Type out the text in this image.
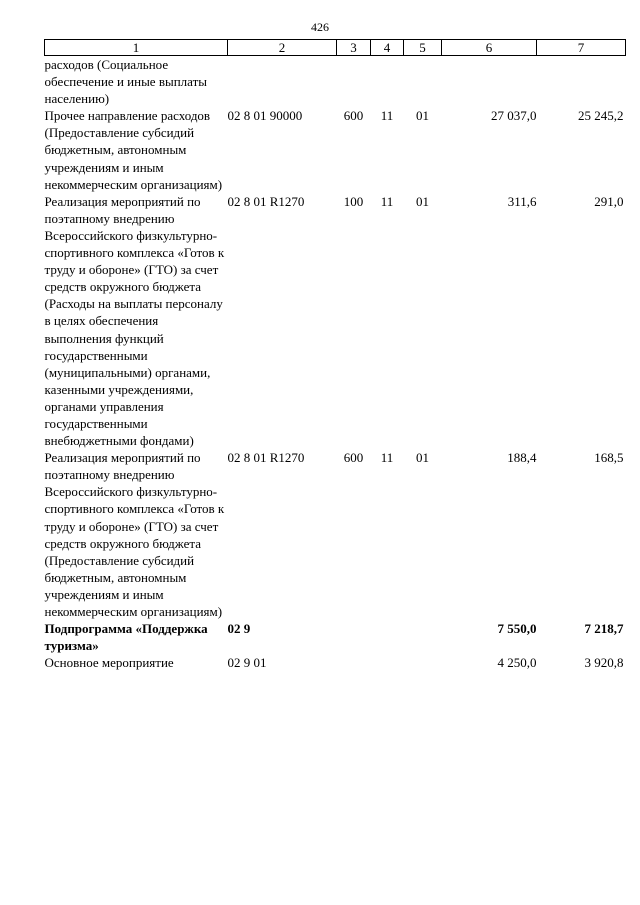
426
1	2	3	4	5	6	7
расходов (Социальное обеспечение и иные выплаты населению)						
Прочее направление расходов (Предоставление субсидий бюджетным, автономным учреждениям и иным некоммерческим организациям)	02 8 01 90000	600	11	01	27 037,0	25 245,2
Реализация мероприятий по поэтапному внедрению Всероссийского физкультурно-спортивного комплекса «Готов к труду и обороне» (ГТО) за счет средств окружного бюджета (Расходы на выплаты персоналу в целях обеспечения выполнения функций государственными (муниципальными) органами, казенными учреждениями, органами управления государственными внебюджетными фондами)	02 8 01 R1270	100	11	01	311,6	291,0
Реализация мероприятий по поэтапному внедрению Всероссийского физкультурно-спортивного комплекса «Готов к труду и обороне» (ГТО) за счет средств окружного бюджета (Предоставление субсидий бюджетным, автономным учреждениям и иным некоммерческим организациям)	02 8 01 R1270	600	11	01	188,4	168,5
Подпрограмма «Поддержка туризма»	02 9				7 550,0	7 218,7
Основное мероприятие	02 9 01				4 250,0	3 920,8
